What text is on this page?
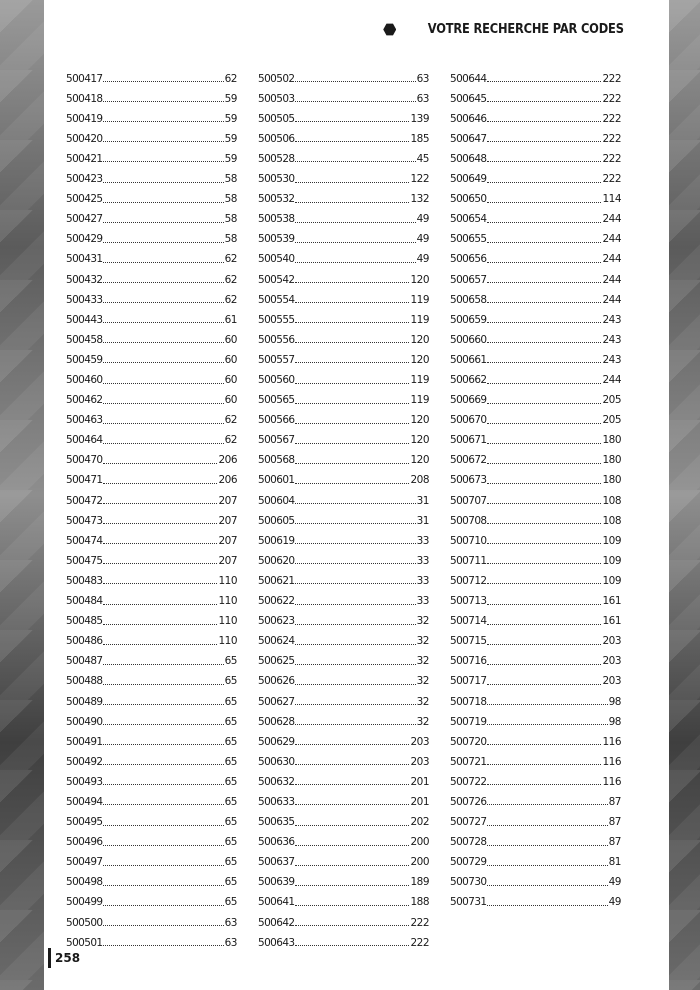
VOTRE RECHERCHE PAR CODES
500417	62
500418	59
500419	59
500420	59
500421	59
500423	58
500425	58
500427	58
500429	58
500431	62
500432	62
500433	62
500443	61
500458	60
500459	60
500460	60
500462	60
500463	62
500464	62
500470	206
500471	206
500472	207
500473	207
500474	207
500475	207
500483	110
500484	110
500485	110
500486	110
500487	65
500488	65
500489	65
500490	65
500491	65
500492	65
500493	65
500494	65
500495	65
500496	65
500497	65
500498	65
500499	65
500500	63
500501	63
500502	63
500503	63
500505	139
500506	185
500528	45
500530	122
500532	132
500538	49
500539	49
500540	49
500542	120
500554	119
500555	119
500556	120
500557	120
500560	119
500565	119
500566	120
500567	120
500568	120
500601	208
500604	31
500605	31
500619	33
500620	33
500621	33
500622	33
500623	32
500624	32
500625	32
500626	32
500627	32
500628	32
500629	203
500630	203
500632	201
500633	201
500635	202
500636	200
500637	200
500639	189
500641	188
500642	222
500643	222
500644	222
500645	222
500646	222
500647	222
500648	222
500649	222
500650	114
500654	244
500655	244
500656	244
500657	244
500658	244
500659	243
500660	243
500661	243
500662	244
500669	205
500670	205
500671	180
500672	180
500673	180
500707	108
500708	108
500710	109
500711	109
500712	109
500713	161
500714	161
500715	203
500716	203
500717	203
500718	98
500719	98
500720	116
500721	116
500722	116
500726	87
500727	87
500728	87
500729	81
500730	49
500731	49
258
